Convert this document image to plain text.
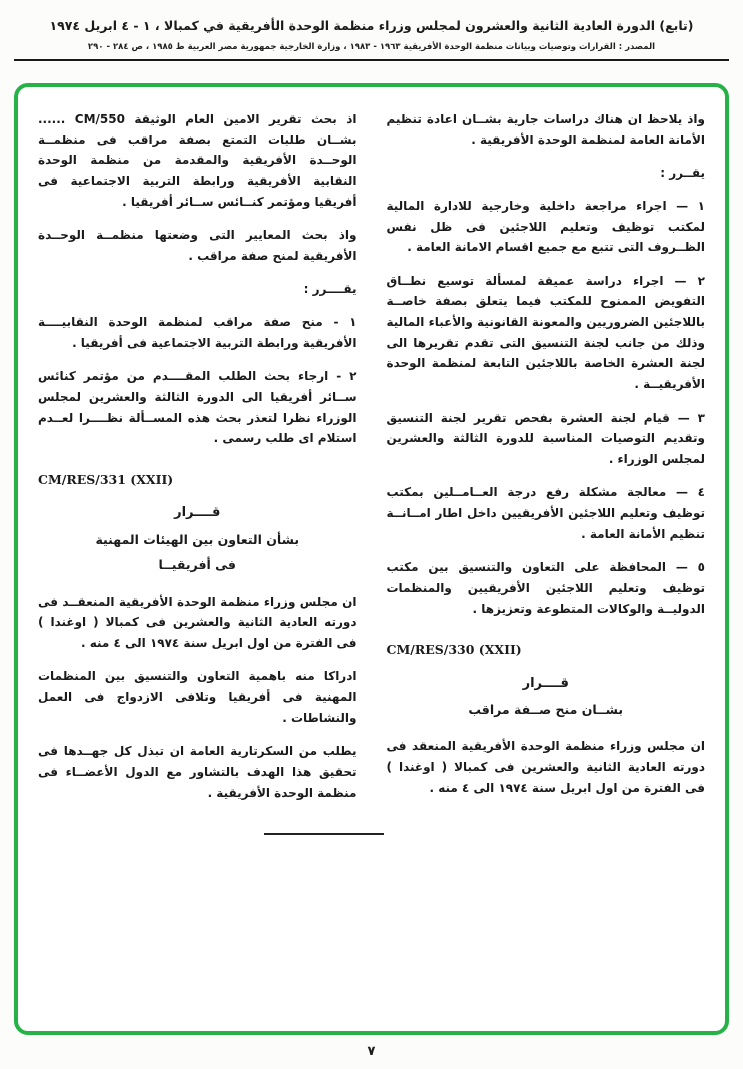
(تابع) الدورة العادية الثانية والعشرون لمجلس وزراء منظمة الوحدة الأفريقية في كمبالا ، ١ - ٤ ابريل ١٩٧٤
المصدر : القرارات وتوصيات وبيانات منظمة الوحدة الأفريقية ١٩٦٣ - ١٩٨٣ ، وزارة الخارجية جمهورية مصر العربية ط ١٩٨٥ ، ص ٢٨٤ - ٢٩٠

واذ يلاحظ ان هناك دراسات جارية بشــان اعادة تنظيم الأمانة العامة لمنظمة الوحدة الأفريقية .

يقــرر :

١ — اجراء مراجعة داخلية وخارجية للادارة المالية لمكتب توظيف وتعليم اللاجئين فى ظل نفس الظــروف التى تتبع مع جميع اقسام الامانة العامة .

٢ — اجراء دراسة عميقة لمسألة توسيع نطــاق التفويض الممنوح للمكتب فيما يتعلق بصفة خاصــة باللاجئين الضروريين والمعونة القانونية والأعباء المالية وذلك من جانب لجنة التنسيق التى تقدم تقريرها الى لجنة العشرة الخاصة باللاجئين التابعة لمنظمة الوحدة الأفريقيــة .

٣ — قيام لجنة العشرة بفحص تقرير لجنة التنسيق وتقديم التوصيات المناسبة للدورة الثالثة والعشرين لمجلس الوزراء .

٤ — معالجة مشكلة رفع درجة العــامــلين بمكتب توظيف وتعليم اللاجئين الأفريقيين داخل اطار امــانــة تنظيم الأمانة العامة .

٥ — المحافظة على التعاون والتنسيق بين مكتب توظيف وتعليم اللاجئين الأفريقيين والمنظمات الدوليــة والوكالات المتطوعة وتعزيزها .

CM/RES/330 (XXII)

قــــرار

بشــان منح صــفة مراقب

ان مجلس وزراء منظمة الوحدة الأفريقية المنعقد فى دورته العادية الثانية والعشرين فى كمبالا ( اوغندا ) فى الفترة من اول ابريل سنة ١٩٧٤ الى ٤ منه .

اذ بحث تقرير الامين العام الوثيقة CM/550 ...... بشــان طلبات التمتع بصفة مراقب فى منظمــة الوحــدة الأفريقية والمقدمة من منظمة الوحدة النقابية الأفريقية ورابطة التربية الاجتماعية فى أفريقيا ومؤتمر كنــائس ســائر أفريقيا .

واذ بحث المعايير التى وضعتها منظمــة الوحــدة الأفريقية لمنح صفة مراقب .

يقــــرر :

١ - منح صفة مراقب لمنظمة الوحدة النقابيــــة الأفريقية ورابطة التربية الاجتماعية فى أفريقيا .

٢ - ارجاء بحث الطلب المقــــدم من مؤتمر كنائس ســائر أفريقيا الى الدورة الثالثة والعشرين لمجلس الوزراء نظرا لتعذر بحث هذه المســألة نظــــرا لعــدم استلام اى طلب رسمى .

CM/RES/331 (XXII)

قــــرار

بشأن التعاون بين الهيئات المهنية

فى أفريقيــا

ان مجلس وزراء منظمة الوحدة الأفريقية المنعقــد فى دورته العادية الثانية والعشرين فى كمبالا ( اوغندا ) فى الفترة من اول ابريل سنة ١٩٧٤ الى ٤ منه .

ادراكا منه باهمية التعاون والتنسيق بين المنظمات المهنية فى أفريقيا وتلافى الازدواج فى العمل والنشاطات .

يطلب من السكرتارية العامة ان تبذل كل جهــدها فى تحقيق هذا الهدف بالتشاور مع الدول الأعضــاء فى منظمة الوحدة الأفريقية .

٧
